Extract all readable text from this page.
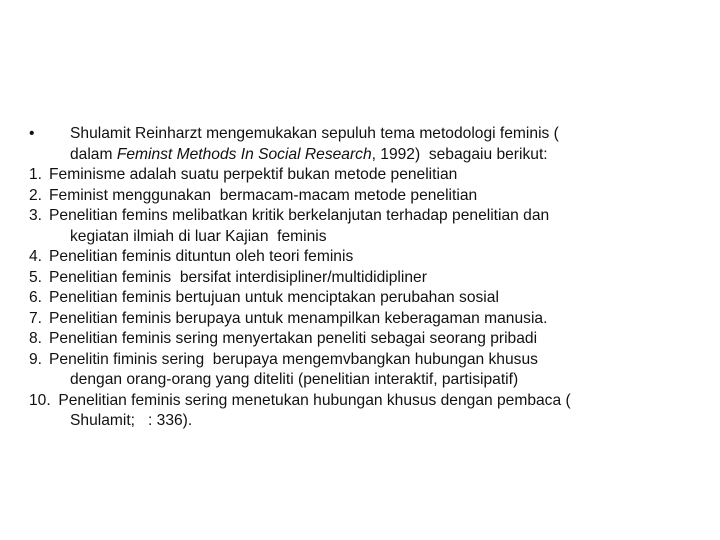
•	Shulamit Reinharzt mengemukakan sepuluh tema metodologi feminis (
dalam Feminst Methods In Social Research, 1992)  sebagaiu berikut:
1. Feminisme adalah suatu perpektif bukan metode penelitian
2. Feminist menggunakan  bermacam-macam metode penelitian
3. Penelitian femins melibatkan kritik berkelanjutan terhadap penelitian dan
kegiatan ilmiah di luar Kajian  feminis
4. Penelitian feminis dituntun oleh teori feminis
5. Penelitian feminis  bersifat interdisipliner/multididipliner
6. Penelitian feminis bertujuan untuk menciptakan perubahan sosial
7. Penelitian feminis berupaya untuk menampilkan keberagaman manusia.
8. Penelitian feminis sering menyertakan peneliti sebagai seorang pribadi
9. Penelitin fiminis sering  berupaya mengemvbangkan hubungan khusus
dengan orang-orang yang diteliti (penelitian interaktif, partisipatif)
10. Penelitian feminis sering menetukan hubungan khusus dengan pembaca (
Shulamit;   : 336).
